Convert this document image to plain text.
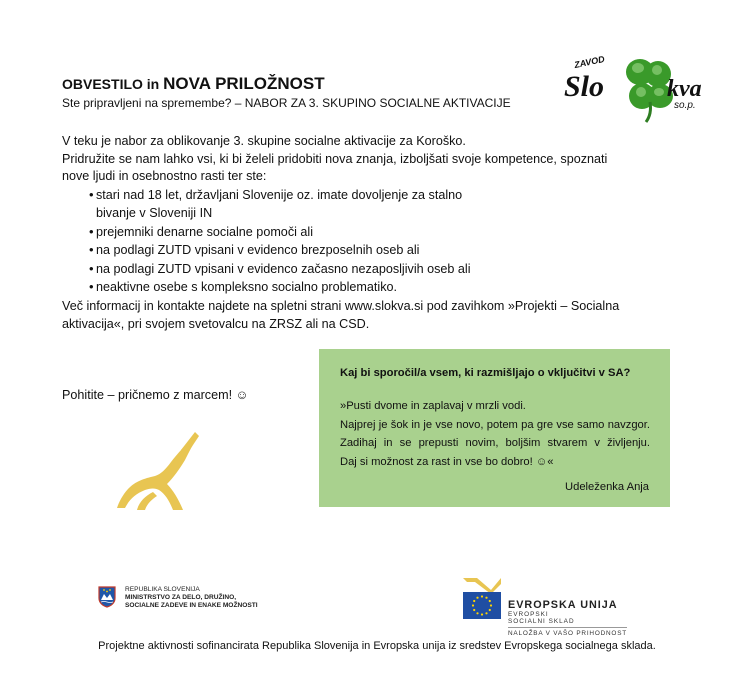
OBVESTILO in NOVA PRILOŽNOST
Ste pripravljeni na spremembe? – NABOR ZA 3. SKUPINO SOCIALNE AKTIVACIJE
ZAVOD
Slo	kva
so.p.

V teku je nabor za oblikovanje 3. skupine socialne aktivacije za Koroško.

Pridružite se nam lahko vsi, ki bi želeli pridobiti nova znanja, izboljšati svoje kompetence, spoznati

nove ljudi in osebnostno rasti ter ste:

• stari nad 18 let, državljani Slovenije oz. imate dovoljenje za stalno bivanje v Sloveniji IN
• prejemniki denarne socialne pomoči ali
• na podlagi ZUTD vpisani v evidenco brezposelnih oseb ali
• na podlagi ZUTD vpisani v evidenco začasno nezaposljivih oseb ali
• neaktivne osebe s kompleksno socialno problematiko.
Več informacij in kontakte najdete na spletni strani www.slokva.si pod zavihkom »Projekti – Socialna
aktivacija«, pri svojem svetovalcu na ZRSZ ali na CSD.
Pohitite – pričnemo z marcem! ☺
Kaj bi sporočil/a vsem, ki razmišljajo o vključitvi v SA?
»Pusti dvome in zaplavaj v mrzli vodi.
Najprej je šok in je vse novo, potem pa gre vse samo navzgor.
Zadihaj in se prepusti novim, boljšim stvarem v življenju.
Daj si možnost za rast in vse bo dobro! ☺«
Udeleženka Anja
REPUBLIKA SLOVENIJA
MINISTRSTVO ZA DELO, DRUŽINO,
SOCIALNE ZADEVE IN ENAKE MOŽNOSTI	EVROPSKA UNIJA
EVROPSKI
SOCIALNI SKLAD
NALOŽBA V VAŠO PRIHODNOST
Projektne aktivnosti sofinancirata Republika Slovenija in Evropska unija iz sredstev Evropskega socialnega sklada.
